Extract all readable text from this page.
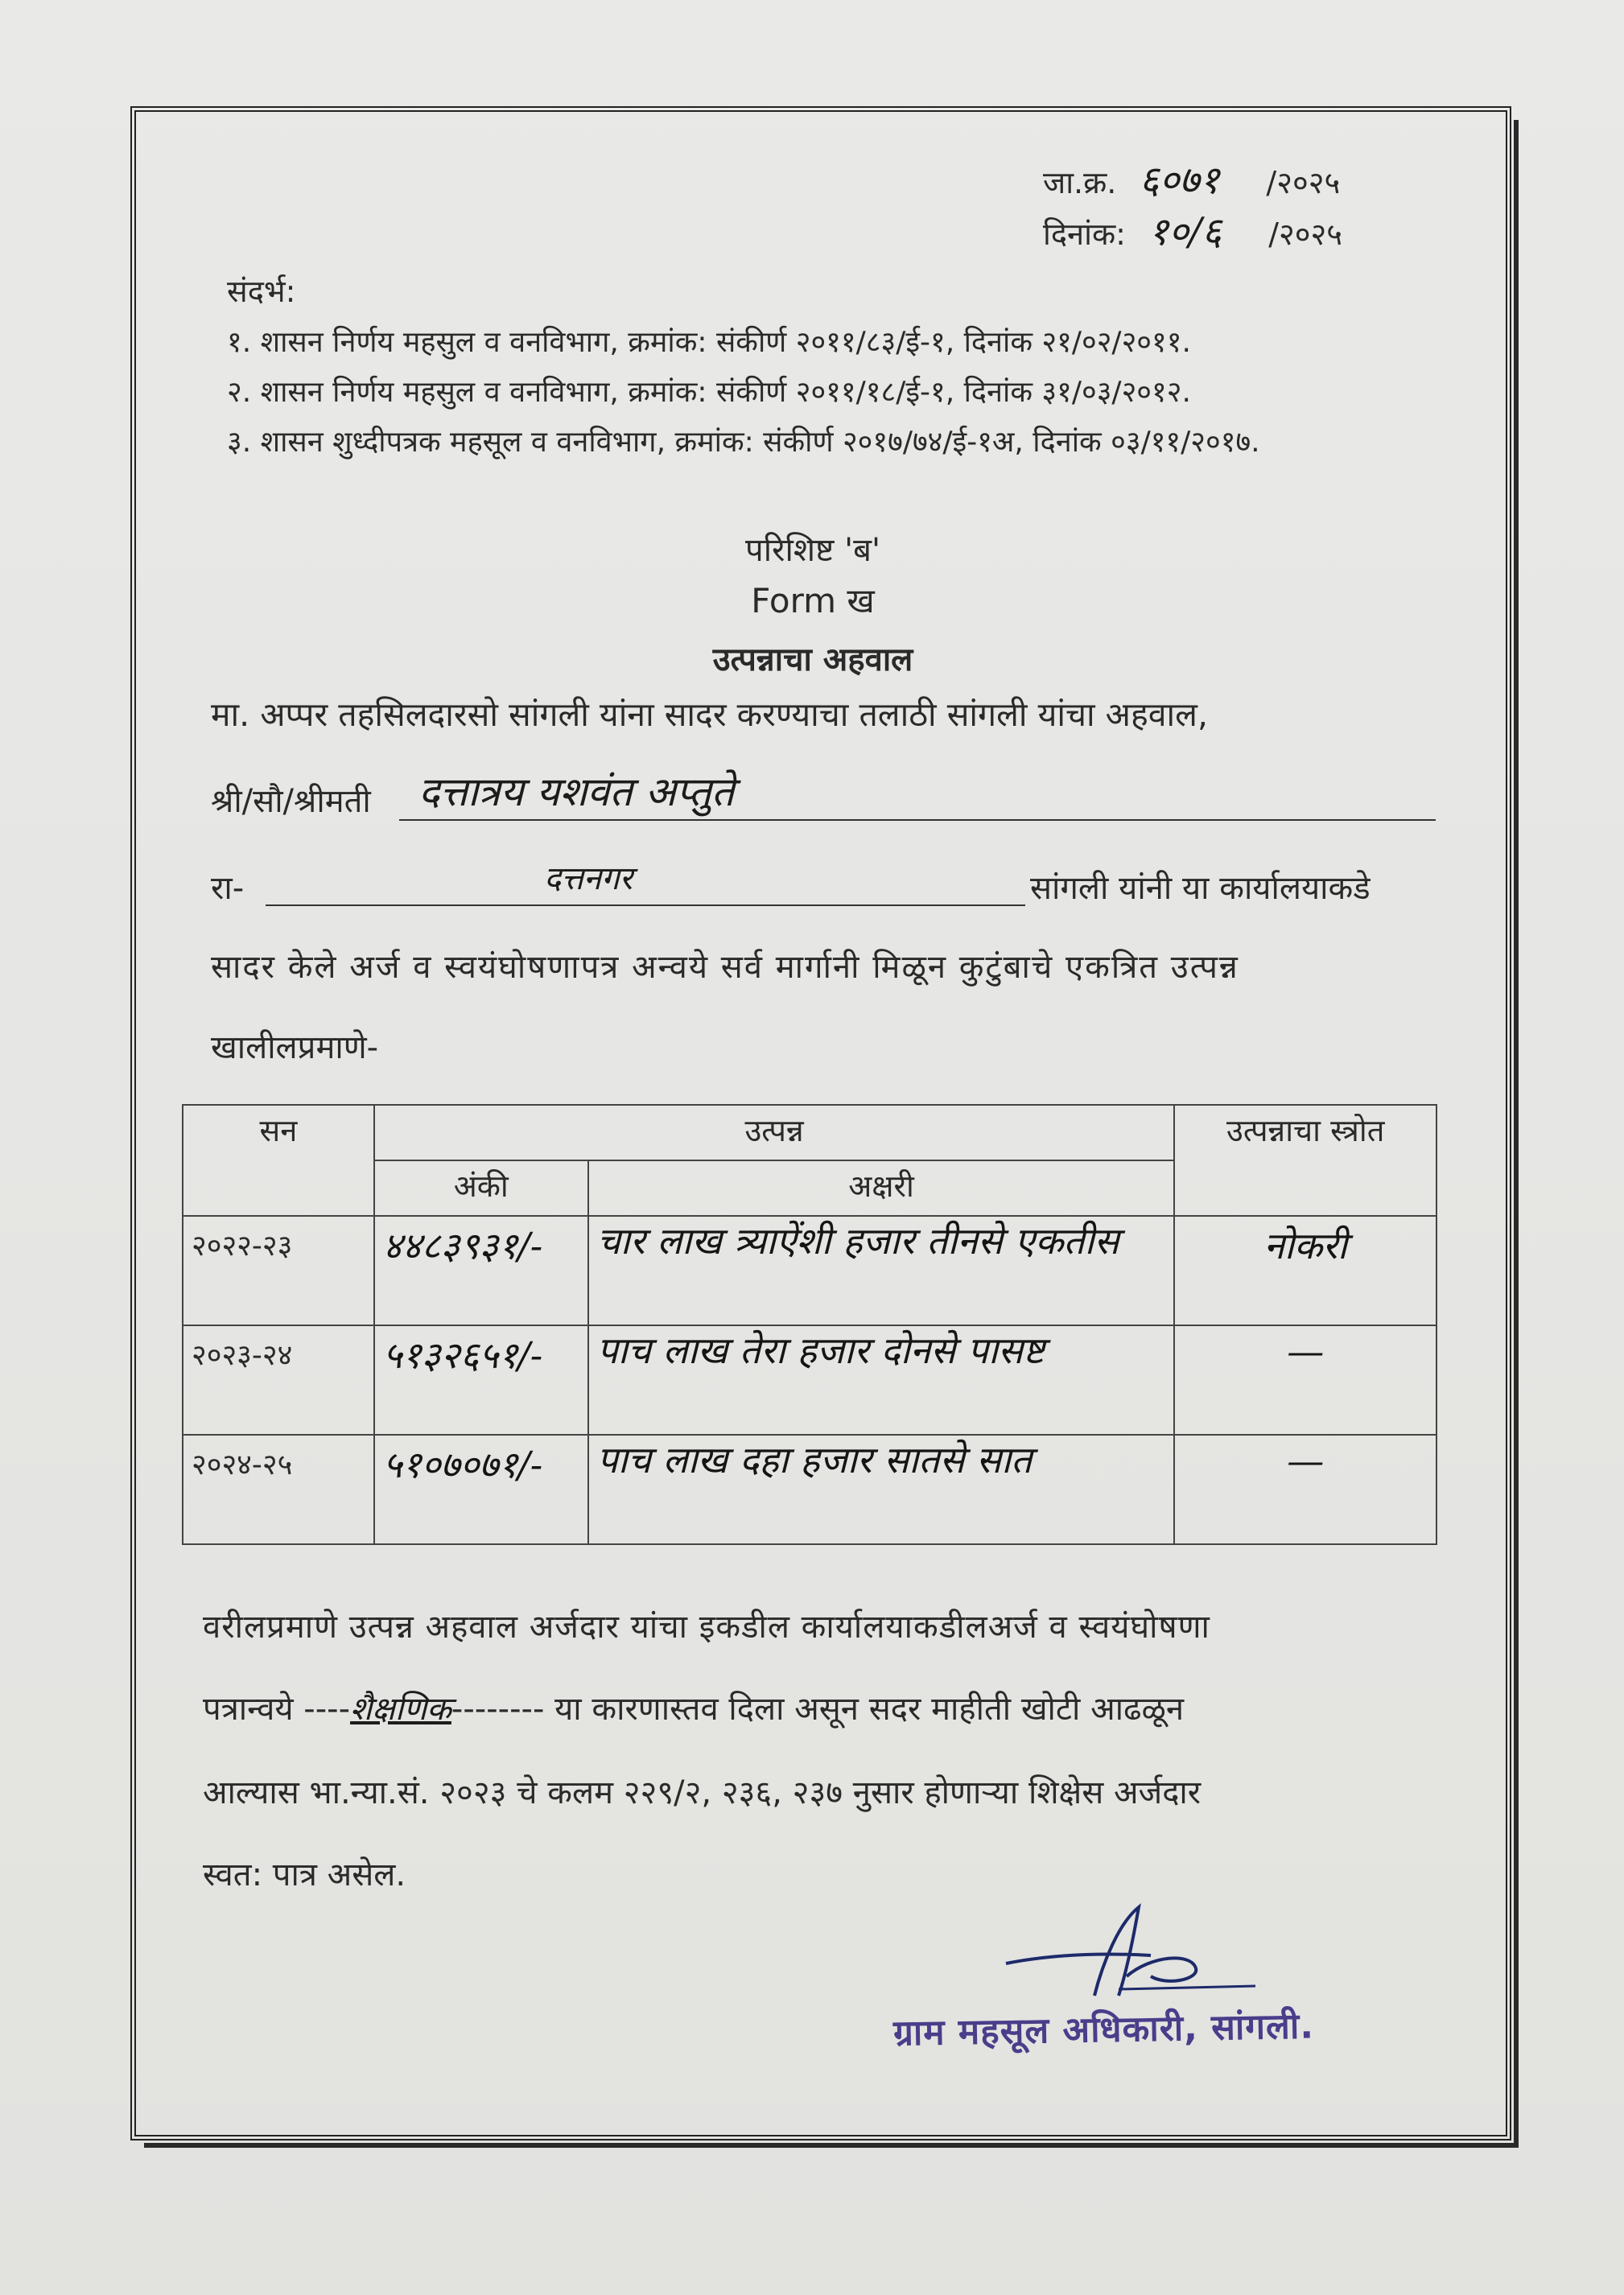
जा.क्र. ६०७१ /२०२५
दिनांक: १०/६ /२०२५
संदर्भ:
१. शासन निर्णय महसुल व वनविभाग, क्रमांक: संकीर्ण २०११/८३/ई-१, दिनांक २१/०२/२०११.
२. शासन निर्णय महसुल व वनविभाग, क्रमांक: संकीर्ण २०११/१८/ई-१, दिनांक ३१/०३/२०१२.
३. शासन शुध्दीपत्रक महसूल व वनविभाग, क्रमांक: संकीर्ण २०१७/७४/ई-१अ, दिनांक ०३/११/२०१७.
परिशिष्ट 'ब'
Form ख
उत्पन्नाचा अहवाल
मा. अप्पर तहसिलदारसो सांगली यांना सादर करण्याचा तलाठी सांगली यांचा अहवाल,
श्री/सौ/श्रीमती दत्तात्रय यशवंत अप्तुते
रा-	दत्तनगर	सांगली यांनी या कार्यालयाकडे
सादर केले अर्ज व स्वयंघोषणापत्र अन्वये सर्व मार्गानी मिळून कुटुंबाचे एकत्रित उत्पन्न
खालीलप्रमाणे-
सन	उत्पन्न		उत्पन्नाचा स्त्रोत
	अंकी	अक्षरी	
२०२२-२३	४४८३९३१/-	चार लाख त्र्याऐंशी हजार तीनसे एकतीस	नोकरी
२०२३-२४	५१३२६५१/-	पाच लाख तेरा हजार दोनसे पासष्ट	—
२०२४-२५	५१०७०७१/-	पाच लाख दहा हजार सातसे सात	—
वरीलप्रमाणे उत्पन्न अहवाल अर्जदार यांचा इकडील कार्यालयाकडीलअर्ज व स्वयंघोषणा
पत्रान्वये ----शैक्षणिक-------- या कारणास्तव दिला असून सदर माहीती खोटी आढळून
आल्यास भा.न्या.सं. २०२३ चे कलम २२९/२, २३६, २३७ नुसार होणाऱ्या शिक्षेस अर्जदार
स्वत: पात्र असेल.
ग्राम महसूल अधिकारी, सांगली.
